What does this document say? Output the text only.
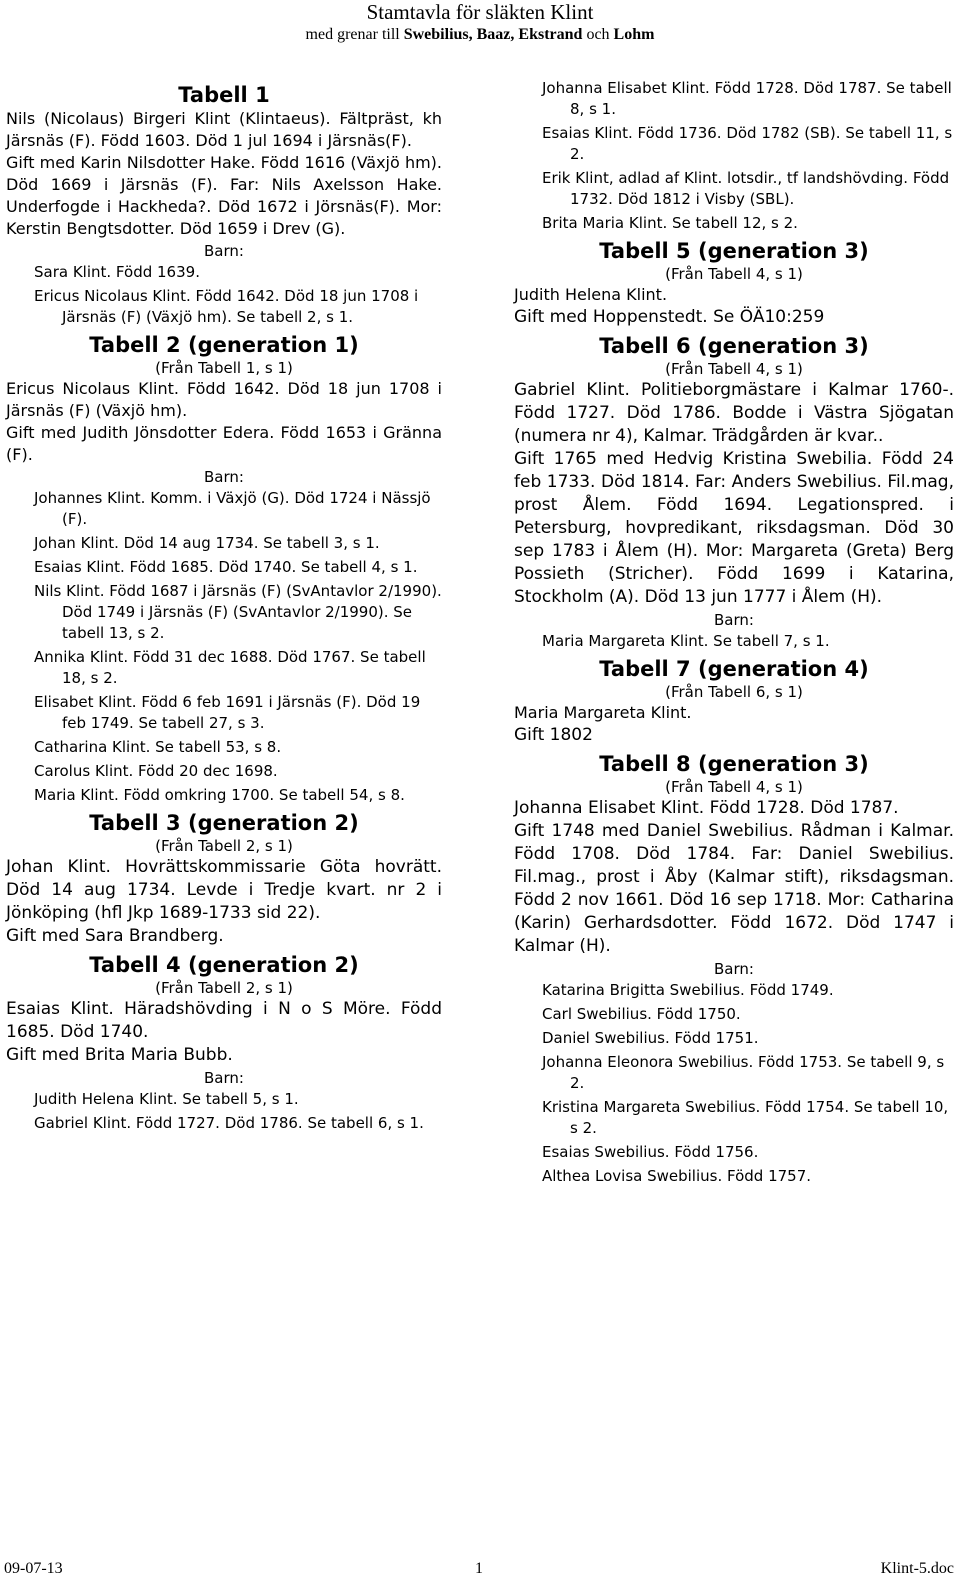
Stamtavla för släkten Klint
med grenar till Swebilius, Baaz, Ekstrand och Lohm
Tabell 1

Nils (Nicolaus) Birgeri Klint (Klintaeus). Fältpräst, kh Järsnäs (F). Född 1603. Död 1 jul 1694 i Järsnäs(F).

Gift med Karin Nilsdotter Hake. Född 1616 (Växjö hm). Död 1669 i Järsnäs (F). Far: Nils Axelsson Hake. Underfogde i Hackheda?. Död 1672 i Jörsnäs(F). Mor: Kerstin Bengtsdotter. Död 1659 i Drev (G).

Barn:

Sara Klint. Född 1639.

Ericus Nicolaus Klint. Född 1642. Död 18 jun 1708 i Järsnäs (F) (Växjö hm). Se tabell 2, s 1.

Tabell 2 (generation 1)
(Från Tabell 1, s 1)

Ericus Nicolaus Klint. Född 1642. Död 18 jun 1708 i Järsnäs (F) (Växjö hm).

Gift med Judith Jönsdotter Edera. Född 1653 i Gränna (F).

Barn:

Johannes Klint. Komm. i Växjö (G). Död 1724 i Nässjö (F).

Johan Klint. Död 14 aug 1734. Se tabell 3, s 1.

Esaias Klint. Född 1685. Död 1740. Se tabell 4, s 1.

Nils Klint. Född 1687 i Järsnäs (F) (SvAntavlor 2/1990). Död 1749 i Järsnäs (F) (SvAntavlor 2/1990). Se tabell 13, s 2.

Annika Klint. Född 31 dec 1688. Död 1767. Se tabell 18, s 2.

Elisabet Klint. Född 6 feb 1691 i Järsnäs (F). Död 19 feb 1749. Se tabell 27, s 3.

Catharina Klint. Se tabell 53, s 8.

Carolus Klint. Född 20 dec 1698.

Maria Klint. Född omkring 1700. Se tabell 54, s 8.

Tabell 3 (generation 2)
(Från Tabell 2, s 1)

Johan Klint. Hovrättskommissarie Göta hovrätt. Död 14 aug 1734. Levde i Tredje kvart. nr 2 i Jönköping (hfl Jkp 1689-1733 sid 22).

Gift med Sara Brandberg.

Tabell 4 (generation 2)
(Från Tabell 2, s 1)

Esaias Klint. Häradshövding i N o S Möre. Född 1685. Död 1740.

Gift med Brita Maria Bubb.

Barn:

Judith Helena Klint. Se tabell 5, s 1.

Gabriel Klint. Född 1727. Död 1786. Se tabell 6, s 1.

Johanna Elisabet Klint. Född 1728. Död 1787. Se tabell 8, s 1.

Esaias Klint. Född 1736. Död 1782 (SB). Se tabell 11, s 2.

Erik Klint, adlad af Klint. lotsdir., tf landshövding. Född 1732. Död 1812 i Visby (SBL).

Brita Maria Klint. Se tabell 12, s 2.

Tabell 5 (generation 3)
(Från Tabell 4, s 1)

Judith Helena Klint.

Gift med Hoppenstedt. Se ÖÄ10:259

Tabell 6 (generation 3)
(Från Tabell 4, s 1)

Gabriel Klint. Politieborgmästare i Kalmar 1760-. Född 1727. Död 1786. Bodde i Västra Sjögatan (numera nr 4), Kalmar. Trädgården är kvar..

Gift 1765 med Hedvig Kristina Swebilia. Född 24 feb 1733. Död 1814. Far: Anders Swebilius. Fil.mag, prost Ålem. Född 1694. Legationspred. i Petersburg, hovpredikant, riksdagsman. Död 30 sep 1783 i Ålem (H). Mor: Margareta (Greta) Berg Possieth (Stricher). Född 1699 i Katarina, Stockholm (A). Död 13 jun 1777 i Ålem (H).

Barn:

Maria Margareta Klint. Se tabell 7, s 1.

Tabell 7 (generation 4)
(Från Tabell 6, s 1)

Maria Margareta Klint.

Gift 1802

Tabell 8 (generation 3)
(Från Tabell 4, s 1)

Johanna Elisabet Klint. Född 1728. Död 1787.

Gift 1748 med Daniel Swebilius. Rådman i Kalmar. Född 1708. Död 1784. Far: Daniel Swebilius. Fil.mag., prost i Åby (Kalmar stift), riksdagsman. Född 2 nov 1661. Död 16 sep 1718. Mor: Catharina (Karin) Gerhardsdotter. Född 1672. Död 1747 i Kalmar (H).

Barn:

Katarina Brigitta Swebilius. Född 1749.

Carl Swebilius. Född 1750.

Daniel Swebilius. Född 1751.

Johanna Eleonora Swebilius. Född 1753. Se tabell 9, s 2.

Kristina Margareta Swebilius. Född 1754. Se tabell 10, s 2.

Esaias Swebilius. Född 1756.

Althea Lovisa Swebilius. Född 1757.

09-07-13	1	Klint-5.doc
